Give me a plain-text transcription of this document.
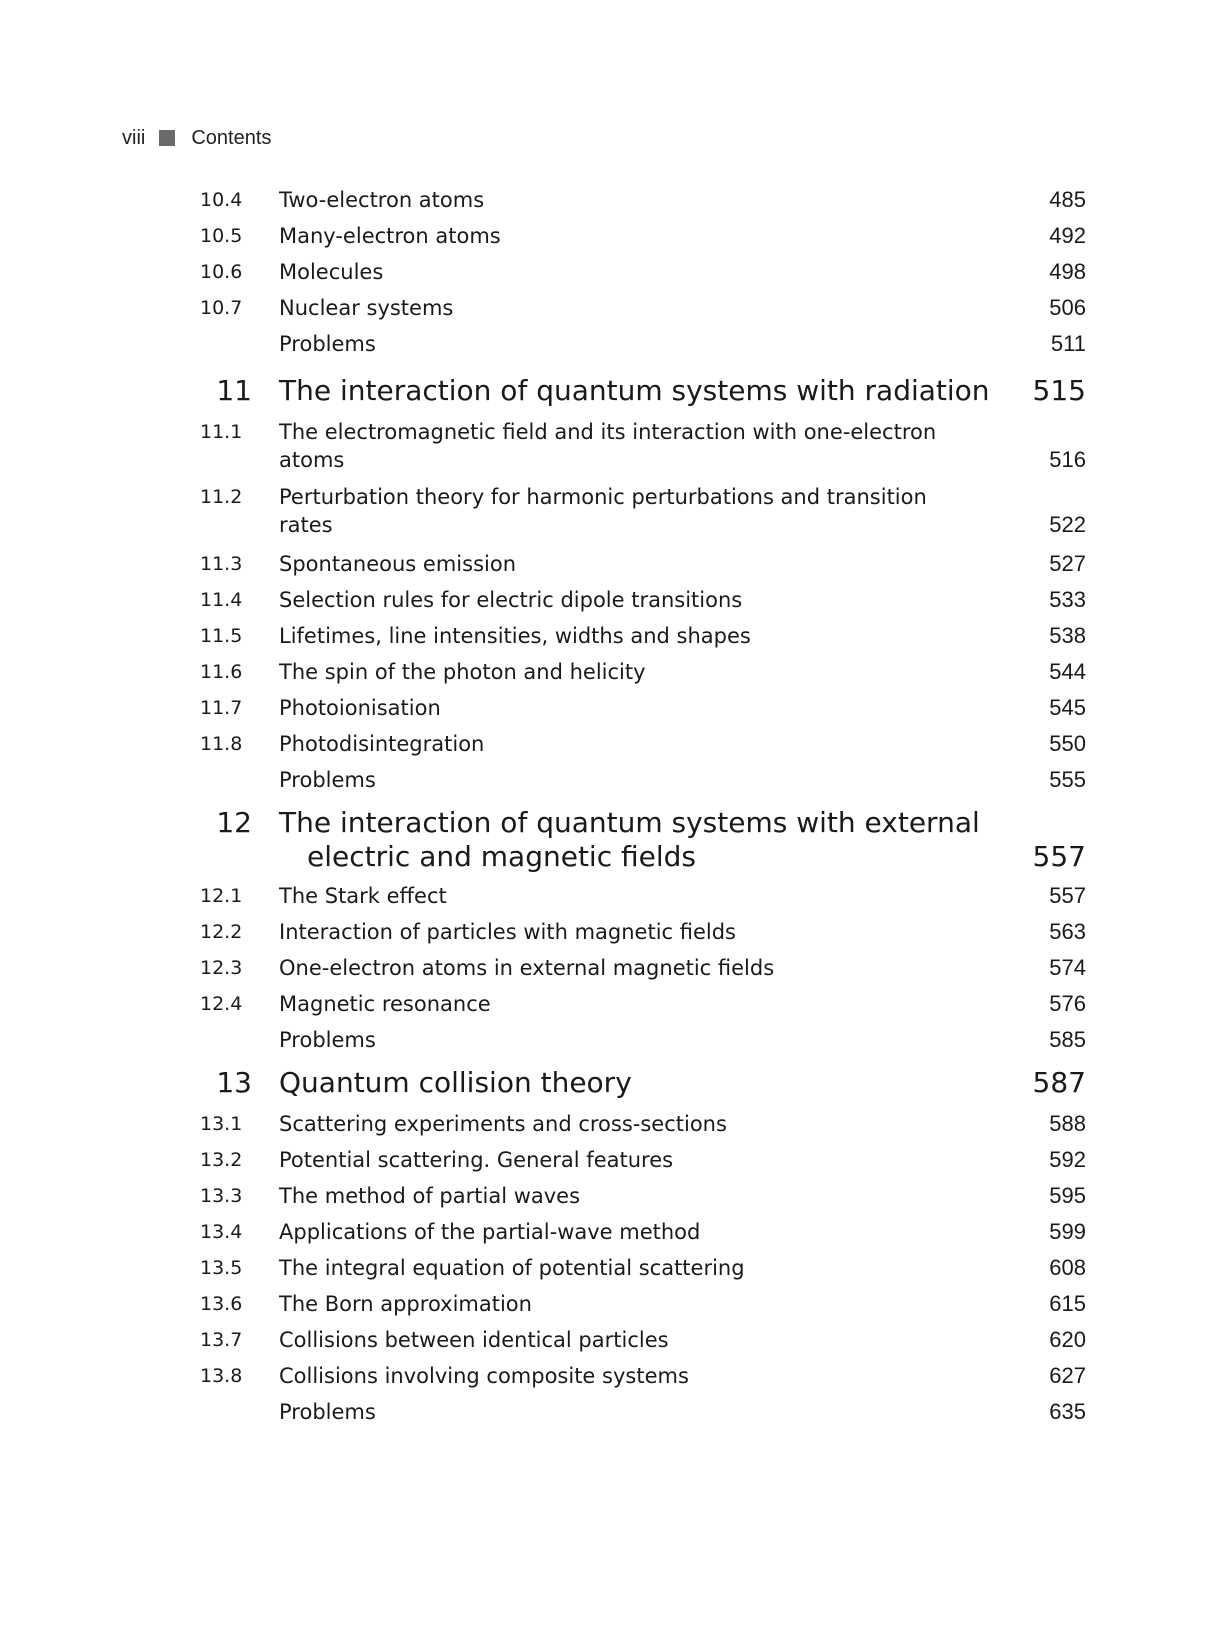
viii Contents
10.4	Two-electron atoms	485
10.5	Many-electron atoms	492
10.6	Molecules	498
10.7	Nuclear systems	506
Problems	511
11 The interaction of quantum systems with radiation	515
11.1	The electromagnetic field and its interaction with one-electron
atoms	516
11.2	Perturbation theory for harmonic perturbations and transition
rates	522
11.3	Spontaneous emission	527
11.4	Selection rules for electric dipole transitions	533
11.5	Lifetimes, line intensities, widths and shapes	538
11.6	The spin of the photon and helicity	544
11.7	Photoionisation	545
11.8	Photodisintegration	550
Problems	555
12 The interaction of quantum systems with external
electric and magnetic fields	557
12.1	The Stark effect	557
12.2	Interaction of particles with magnetic fields	563
12.3	One-electron atoms in external magnetic fields	574
12.4	Magnetic resonance	576
Problems	585
13 Quantum collision theory	587
13.1	Scattering experiments and cross-sections	588
13.2	Potential scattering. General features	592
13.3	The method of partial waves	595
13.4	Applications of the partial-wave method	599
13.5	The integral equation of potential scattering	608
13.6	The Born approximation	615
13.7	Collisions between identical particles	620
13.8	Collisions involving composite systems	627
Problems	635
